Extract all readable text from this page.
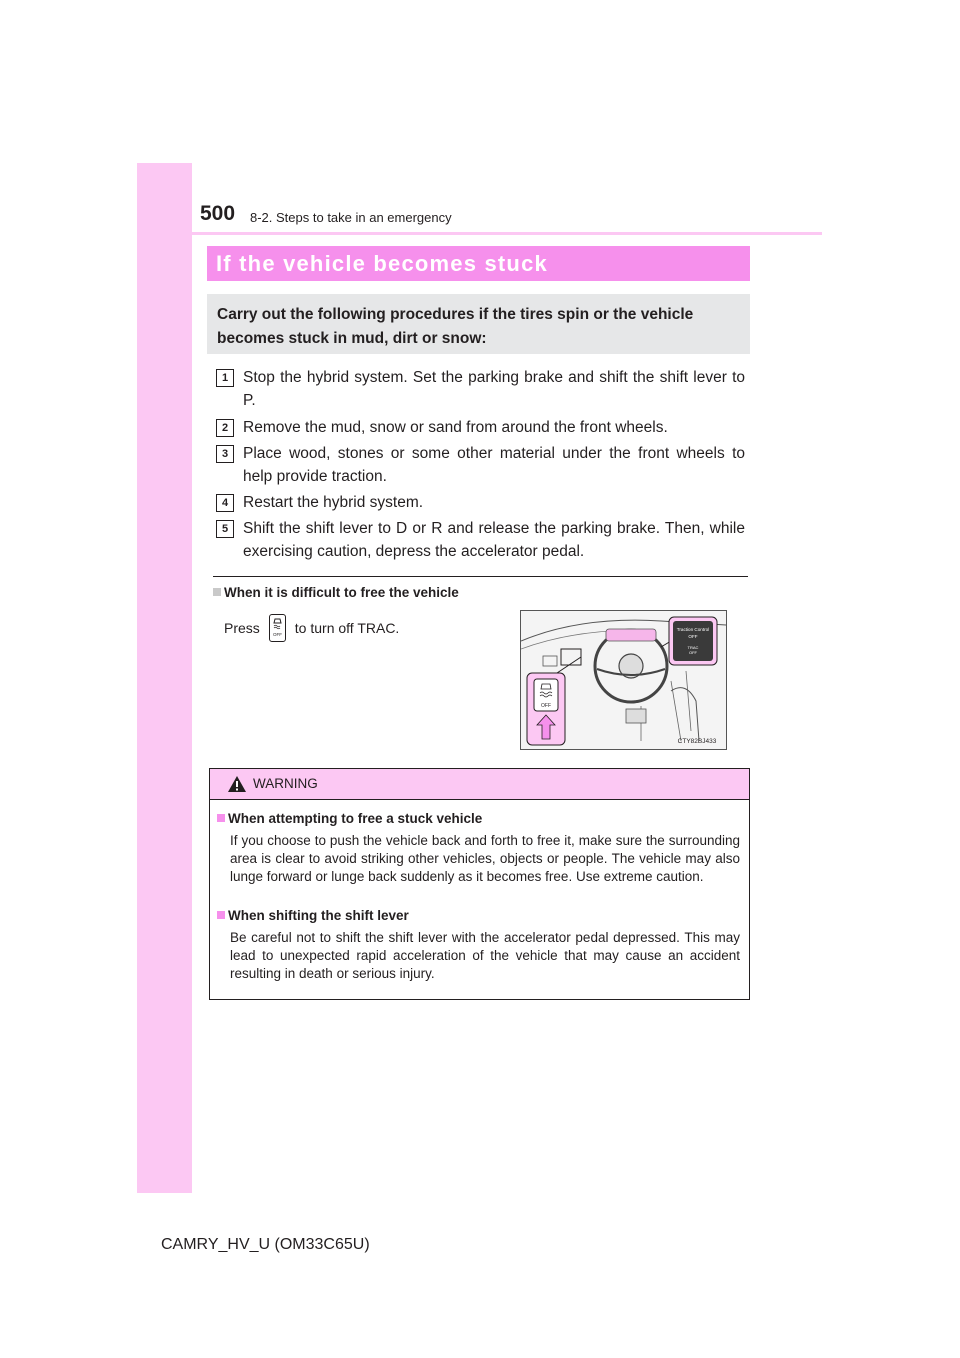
500 8-2. Steps to take in an emergency
If the vehicle becomes stuck
Carry out the following procedures if the tires spin or the vehicle becomes stuck in mud, dirt or snow:
1 Stop the hybrid system. Set the parking brake and shift the shift lever to P.
2 Remove the mud, snow or sand from around the front wheels.
3 Place wood, stones or some other material under the front wheels to help provide traction.
4 Restart the hybrid system.
5 Shift the shift lever to D or R and release the parking brake. Then, while exercising caution, depress the accelerator pedal.
When it is difficult to free the vehicle
Press	OFF to turn off TRAC.
OFF
Traction Control
OFF
TRAC
OFF
CTY82BJ433
WARNING
When attempting to free a stuck vehicle
If you choose to push the vehicle back and forth to free it, make sure the surrounding area is clear to avoid striking other vehicles, objects or people. The vehicle may also lunge forward or lunge back suddenly as it becomes free. Use extreme caution.
When shifting the shift lever
Be careful not to shift the shift lever with the accelerator pedal depressed. This may lead to unexpected rapid acceleration of the vehicle that may cause an accident resulting in death or serious injury.
CAMRY_HV_U (OM33C65U)
